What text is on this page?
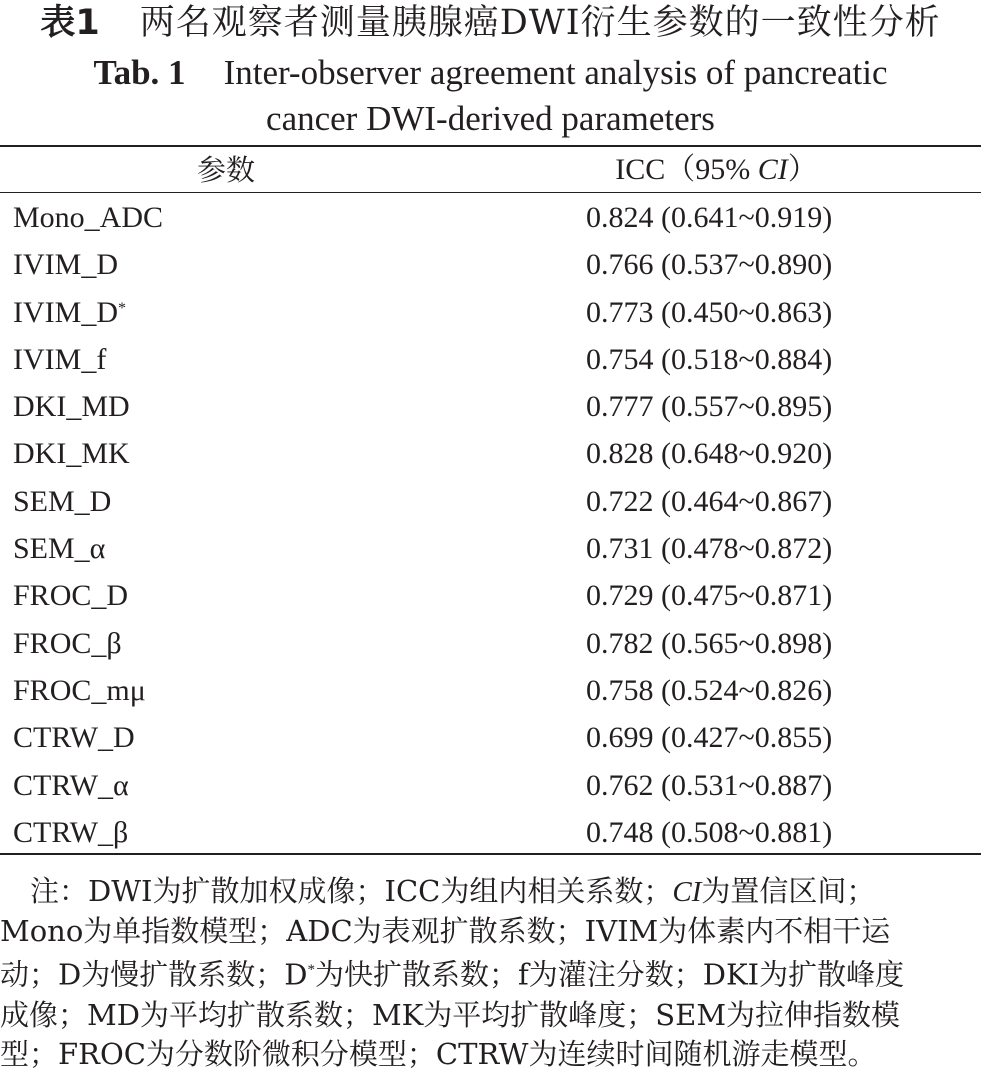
表1 两名观察者测量胰腺癌DWI衍生参数的一致性分析
Tab. 1 Inter-observer agreement analysis of pancreatic
cancer DWI-derived parameters
参数	ICC（95% CI）
Mono_ADC	0.824 (0.641~0.919)
IVIM_D	0.766 (0.537~0.890)
IVIM_D*	0.773 (0.450~0.863)
IVIM_f	0.754 (0.518~0.884)
DKI_MD	0.777 (0.557~0.895)
DKI_MK	0.828 (0.648~0.920)
SEM_D	0.722 (0.464~0.867)
SEM_α	0.731 (0.478~0.872)
FROC_D	0.729 (0.475~0.871)
FROC_β	0.782 (0.565~0.898)
FROC_mμ	0.758 (0.524~0.826)
CTRW_D	0.699 (0.427~0.855)
CTRW_α	0.762 (0.531~0.887)
CTRW_β	0.748 (0.508~0.881)

注：DWI为扩散加权成像；ICC为组内相关系数；CI为置信区间；

Mono为单指数模型；ADC为表观扩散系数；IVIM为体素内不相干运

动；D为慢扩散系数；D*为快扩散系数；f为灌注分数；DKI为扩散峰度

成像；MD为平均扩散系数；MK为平均扩散峰度；SEM为拉伸指数模

型；FROC为分数阶微积分模型；CTRW为连续时间随机游走模型。
